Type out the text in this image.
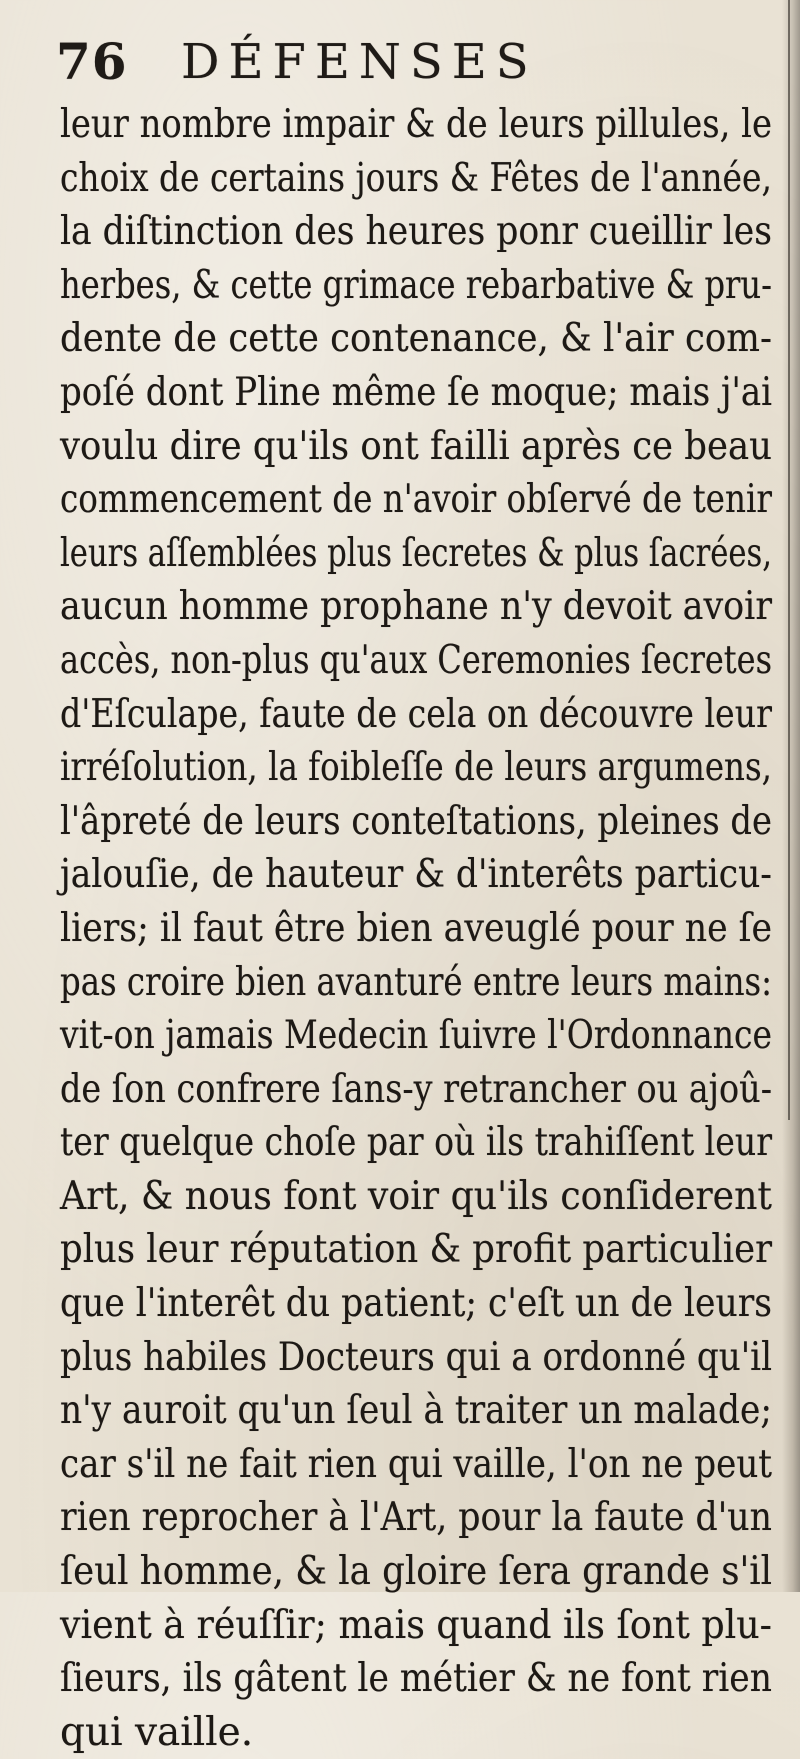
76 DÉFENSES
leur nombre impair & de leurs pillules, le
choix de certains jours & Fêtes de l'année,
la diſtinction des heures ponr cueillir les
herbes, & cette grimace rebarbative & pru-
dente de cette contenance, & l'air com-
poſé dont Pline même ſe moque; mais j'ai
voulu dire qu'ils ont failli après ce beau
commencement de n'avoir obſervé de tenir
leurs aſſemblées plus ſecretes & plus ſacrées,
aucun homme prophane n'y devoit avoir
accès, non-plus qu'aux Ceremonies ſecretes
d'Eſculape, faute de cela on découvre leur
irréſolution, la foibleſſe de leurs argumens,
l'âpreté de leurs conteſtations, pleines de
jalouſie, de hauteur & d'interêts particu-
liers; il faut être bien aveuglé pour ne ſe
pas croire bien avanturé entre leurs mains:
vit-on jamais Medecin ſuivre l'Ordonnance
de ſon confrere ſans-y retrancher ou ajoû-
ter quelque choſe par où ils trahiſſent leur
Art, & nous font voir qu'ils conſiderent
plus leur réputation & profit particulier
que l'interêt du patient; c'eſt un de leurs
plus habiles Docteurs qui a ordonné qu'il
n'y auroit qu'un ſeul à traiter un malade;
car s'il ne fait rien qui vaille, l'on ne peut
rien reprocher à l'Art, pour la faute d'un
ſeul homme, & la gloire ſera grande s'il
vient à réuſſir; mais quand ils ſont plu-
ſieurs, ils gâtent le métier & ne font rien
qui vaille.
